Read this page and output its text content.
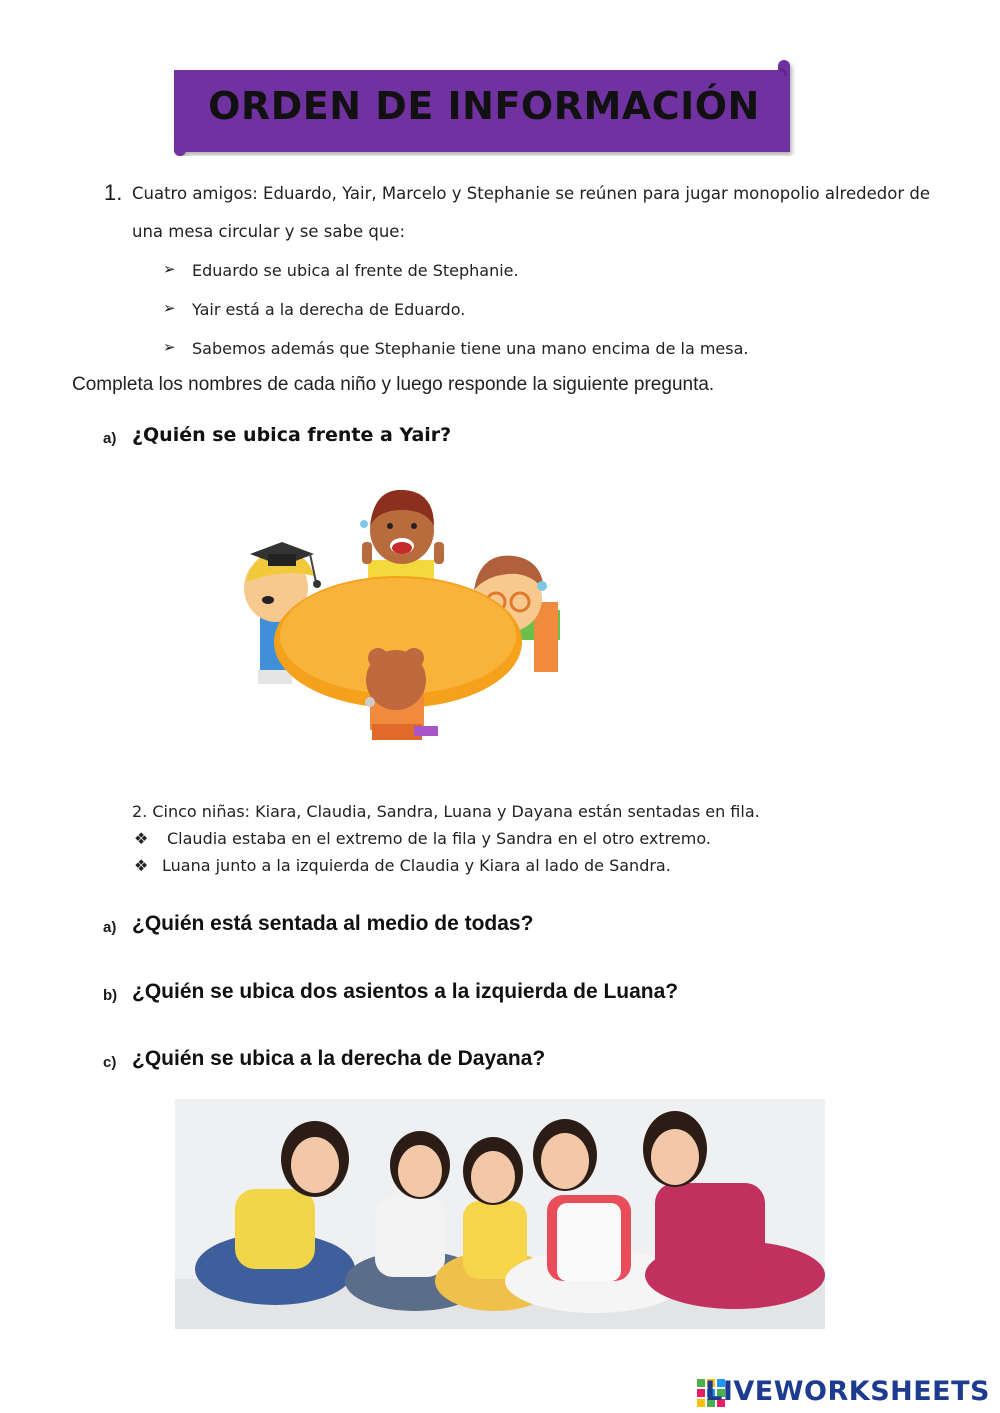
ORDEN DE INFORMACIÓN
1. Cuatro amigos: Eduardo, Yair, Marcelo y Stephanie se reúnen para jugar monopolio alrededor de
una mesa circular y se sabe que:
➢ Eduardo se ubica al frente de Stephanie.
➢ Yair está a la derecha de Eduardo.
➢ Sabemos además que Stephanie tiene una mano encima de la mesa.
Completa los nombres de cada niño y luego responde la siguiente pregunta.
a) ¿Quién se ubica frente a Yair?
2. Cinco niñas: Kiara, Claudia, Sandra, Luana y Dayana están sentadas en fila.
❖ Claudia estaba en el extremo de la fila y Sandra en el otro extremo.
❖ Luana junto a la izquierda de Claudia y Kiara al lado de Sandra.
a) ¿Quién está sentada al medio de todas?
b) ¿Quién se ubica dos asientos a la izquierda de Luana?
c) ¿Quién se ubica a la derecha de Dayana?
LIVEWORKSHEETS
